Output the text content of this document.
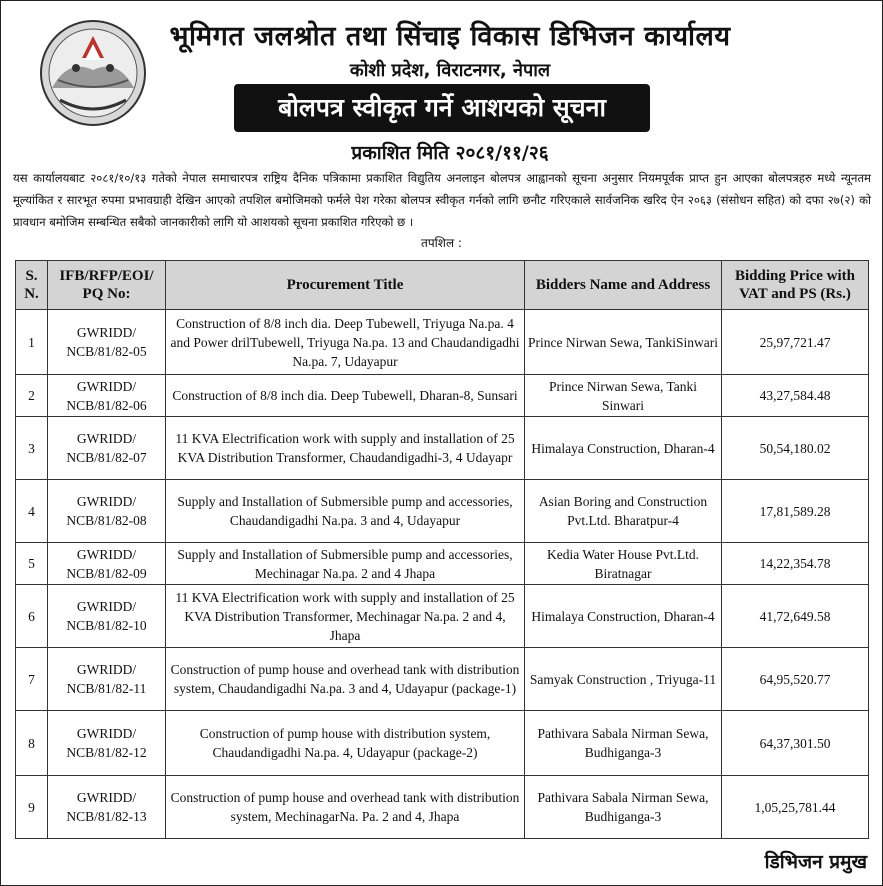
भूमिगत जलश्रोत तथा सिंचाइ विकास डिभिजन कार्यालय
कोशी प्रदेश, विराटनगर, नेपाल
बोलपत्र स्वीकृत गर्ने आशयको सूचना
प्रकाशित मिति २०८१/११/२६
यस कार्यालयबाट २०८१/१०/१३ गतेको नेपाल समाचारपत्र राष्ट्रिय दैनिक पत्रिकामा प्रकाशित विद्युतिय अनलाइन बोलपत्र आह्वानको सूचना अनुसार नियमपूर्वक प्राप्त हुन आएका बोलपत्रहरु मध्ये न्यूनतम मूल्यांकित र सारभूत रुपमा प्रभावग्राही देखिन आएको तपशिल बमोजिमको फर्मले पेश गरेका बोलपत्र स्वीकृत गर्नको लागि छनौट गरिएकाले सार्वजनिक खरिद ऐन २०६३ (संसोधन सहित) को दफा २७(२) को प्रावधान बमोजिम सम्बन्धित सबैको जानकारीको लागि यो आशयको सूचना प्रकाशित गरिएको छ ।
तपशिल :
S. N.	IFB/RFP/EOI/ PQ No:	Procurement Title	Bidders Name and Address	Bidding Price with VAT and PS (Rs.)
1	GWRIDD/ NCB/81/82-05	Construction of 8/8 inch dia. Deep Tubewell, Triyuga Na.pa. 4 and Power drilTubewell, Triyuga Na.pa. 13 and Chaudandigadhi Na.pa. 7, Udayapur	Prince Nirwan Sewa, TankiSinwari	25,97,721.47
2	GWRIDD/ NCB/81/82-06	Construction of 8/8 inch dia. Deep Tubewell, Dharan-8, Sunsari	Prince Nirwan Sewa, Tanki Sinwari	43,27,584.48
3	GWRIDD/ NCB/81/82-07	11 KVA Electrification work with supply and installation of 25 KVA Distribution Transformer, Chaudandigadhi-3, 4 Udayapr	Himalaya Construction, Dharan-4	50,54,180.02
4	GWRIDD/ NCB/81/82-08	Supply and Installation of Submersible pump and accessories, Chaudandigadhi Na.pa. 3 and 4, Udayapur	Asian Boring and Construction Pvt.Ltd. Bharatpur-4	17,81,589.28
5	GWRIDD/ NCB/81/82-09	Supply and Installation of Submersible pump and accessories, Mechinagar Na.pa. 2 and 4 Jhapa	Kedia Water House Pvt.Ltd. Biratnagar	14,22,354.78
6	GWRIDD/ NCB/81/82-10	11 KVA Electrification work with supply and installation of 25 KVA Distribution Transformer, Mechinagar Na.pa. 2 and 4, Jhapa	Himalaya Construction, Dharan-4	41,72,649.58
7	GWRIDD/ NCB/81/82-11	Construction of pump house and overhead tank with distribution system, Chaudandigadhi Na.pa. 3 and 4, Udayapur (package-1)	Samyak Construction , Triyuga-11	64,95,520.77
8	GWRIDD/ NCB/81/82-12	Construction of pump house with distribution system, Chaudandigadhi Na.pa. 4, Udayapur (package-2)	Pathivara Sabala Nirman Sewa, Budhiganga-3	64,37,301.50
9	GWRIDD/ NCB/81/82-13	Construction of pump house and overhead tank with distribution system, MechinagarNa. Pa. 2 and 4, Jhapa	Pathivara Sabala Nirman Sewa, Budhiganga-3	1,05,25,781.44
डिभिजन प्रमुख
